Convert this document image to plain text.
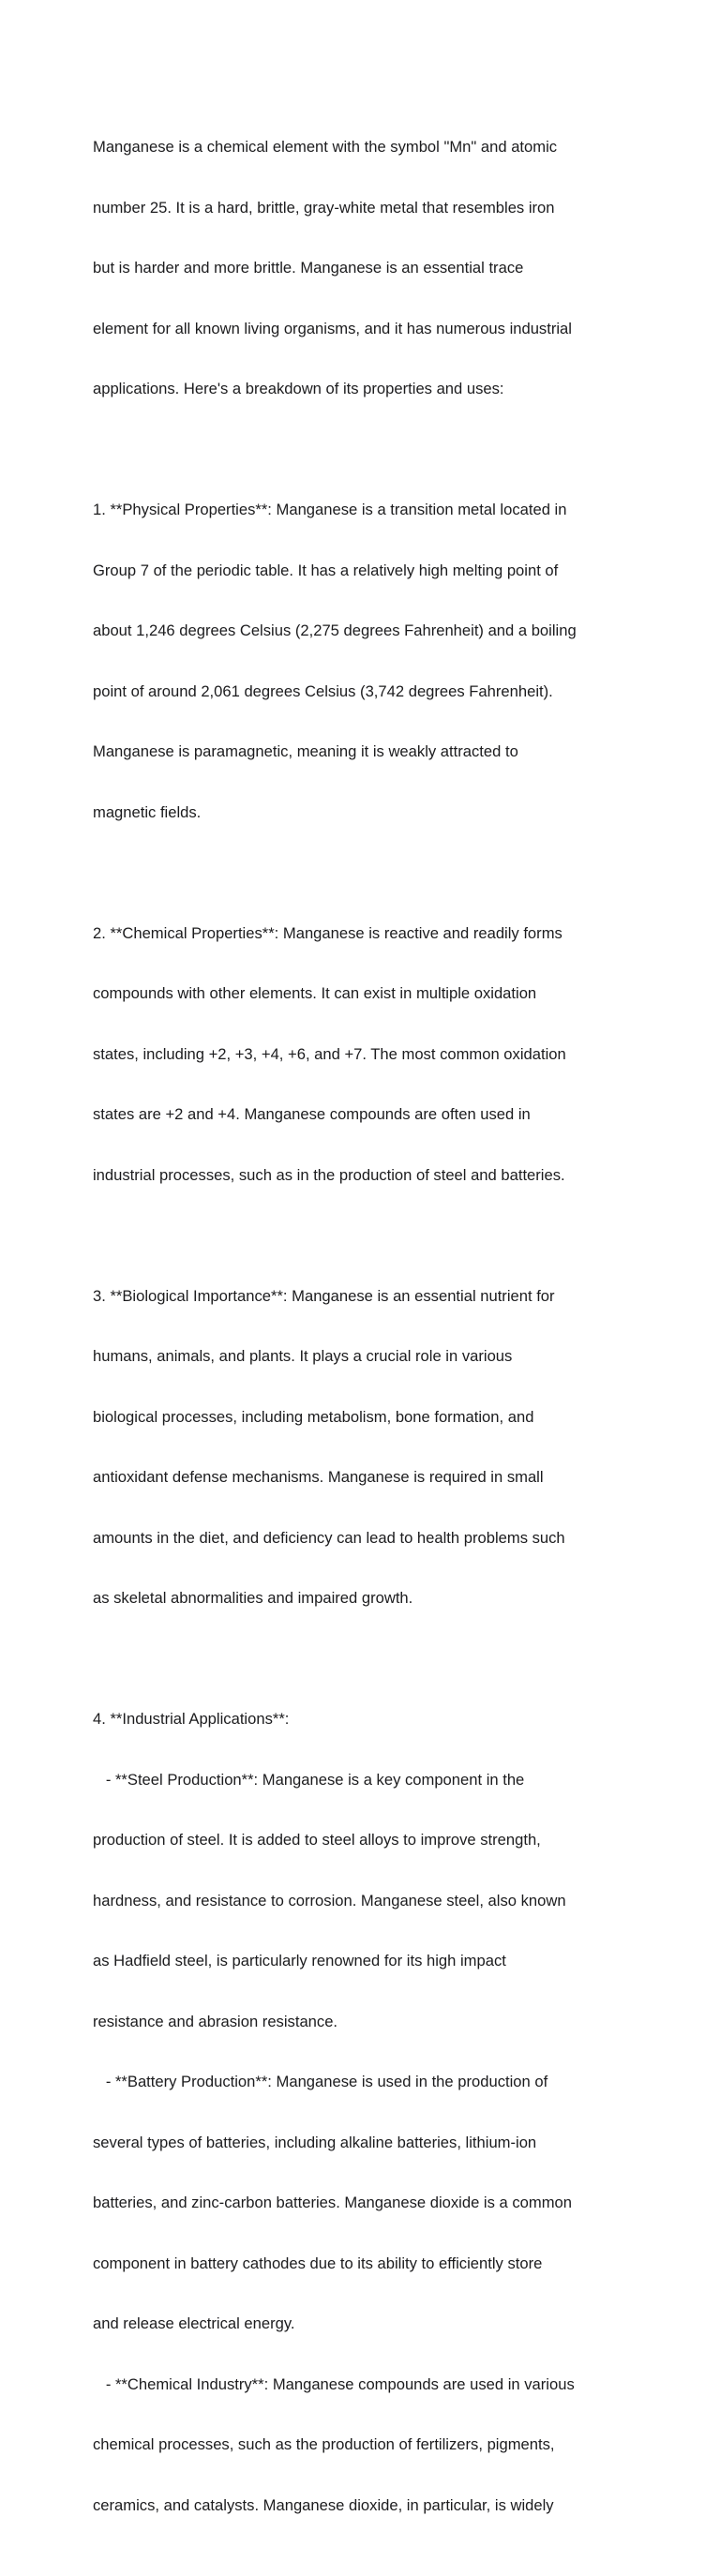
Manganese is a chemical element with the symbol "Mn" and atomic

number 25. It is a hard, brittle, gray-white metal that resembles iron

but is harder and more brittle. Manganese is an essential trace

element for all known living organisms, and it has numerous industrial

applications. Here's a breakdown of its properties and uses:

1. **Physical Properties**: Manganese is a transition metal located in

Group 7 of the periodic table. It has a relatively high melting point of

about 1,246 degrees Celsius (2,275 degrees Fahrenheit) and a boiling

point of around 2,061 degrees Celsius (3,742 degrees Fahrenheit).

Manganese is paramagnetic, meaning it is weakly attracted to

magnetic fields.

2. **Chemical Properties**: Manganese is reactive and readily forms

compounds with other elements. It can exist in multiple oxidation

states, including +2, +3, +4, +6, and +7. The most common oxidation

states are +2 and +4. Manganese compounds are often used in

industrial processes, such as in the production of steel and batteries.

3. **Biological Importance**: Manganese is an essential nutrient for

humans, animals, and plants. It plays a crucial role in various

biological processes, including metabolism, bone formation, and

antioxidant defense mechanisms. Manganese is required in small

amounts in the diet, and deficiency can lead to health problems such

as skeletal abnormalities and impaired growth.

4. **Industrial Applications**:

- **Steel Production**: Manganese is a key component in the

production of steel. It is added to steel alloys to improve strength,

hardness, and resistance to corrosion. Manganese steel, also known

as Hadfield steel, is particularly renowned for its high impact

resistance and abrasion resistance.

- **Battery Production**: Manganese is used in the production of

several types of batteries, including alkaline batteries, lithium-ion

batteries, and zinc-carbon batteries. Manganese dioxide is a common

component in battery cathodes due to its ability to efficiently store

and release electrical energy.

- **Chemical Industry**: Manganese compounds are used in various

chemical processes, such as the production of fertilizers, pigments,

ceramics, and catalysts. Manganese dioxide, in particular, is widely
